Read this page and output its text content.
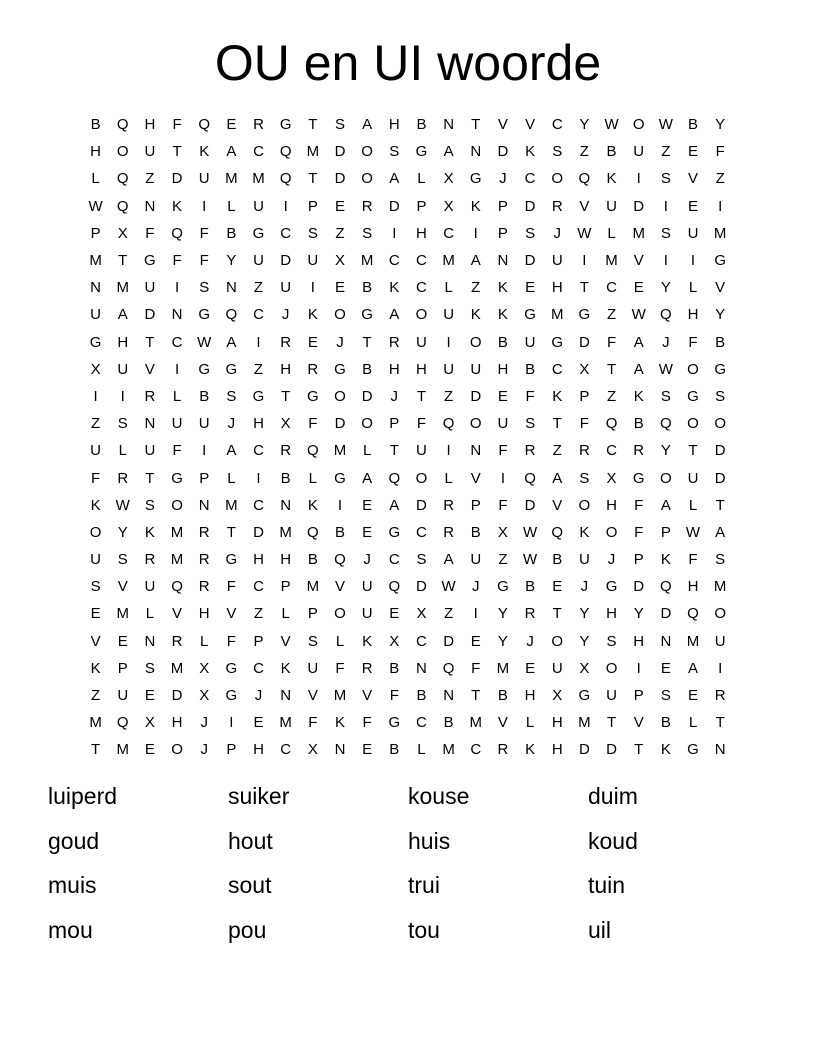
OU en UI woorde
B	Q	H	F	Q	E	R	G	T	S	A	H	B	N	T	V	V	C	Y	W O W	B	Y
H	O	U	T	K	A	C	Q	M	D	O	S	G	A	N	D	K	S	Z	B	U	Z	E	F
L	Q	Z	D	U	M M	Q	T	D	O	A	L	X	G	J	C	O	Q	K	I	S	V	Z
W Q	N	K	I	L	U	I	P	E	R	D	P	X	K	P	D	R	V	U	D	I	E	I
P	X	F	Q	F	B	G	C	S	Z	S	I	H	C	I	P	S	J	W	L	M	S	U	M
M	T	G	F	F	Y	U	D	U	X	M	C	C	M	A	N	D	U	I	M	V	I	I	G
N	M	U	I	S	N	Z	U	I	E	B	K	C	L	Z	K	E	H	T	C	E	Y	L	V
U	A	D	N	G	Q	C	J	K	O	G	A	O	U	K	K	G	M	G	Z	W Q	H	Y
G	H	T	C W	A	I	R	E	J	T	R	U	I	O	B	U	G	D	F	A	J	F	B
X	U	V	I	G	G	Z	H	R	G	B	H	H	U	U	H	B	C	X	T	A	W O	G
I	I	R	L	B	S	G	T	G	O	D	J	T	Z	D	E	F	K	P	Z	K	S	G	S
Z	S	N	U	U	J	H	X	F	D	O	P	F	Q	O	U	S	T	F	Q	B	Q	O	O
U	L	U	F	I	A	C	R	Q	M	L	T	U	I	N	F	R	Z	R	C	R	Y	T	D
F	R	T	G	P	L	I	B	L	G	A	Q	O	L	V	I	Q	A	S	X	G	O	U	D
K	W	S	O	N	M	C	N	K	I	E	A	D	R	P	F	D	V	O	H	F	A	L	T
O	Y	K	M	R	T	D	M	Q	B	E	G	C	R	B	X	W Q	K	O	F	P	W	A
U	S	R	M	R	G	H	H	B	Q	J	C	S	A	U	Z	W	B	U	J	P	K	F	S
S	V	U	Q	R	F	C	P	M	V	U	Q	D W	J	G	B	E	J	G	D	Q	H	M
E	M	L	V	H	V	Z	L	P	O	U	E	X	Z	I	Y	R	T	Y	H	Y	D	Q	O
V	E	N	R	L	F	P	V	S	L	K	X	C	D	E	Y	J	O	Y	S	H	N	M	U
K	P	S	M	X	G	C	K	U	F	R	B	N	Q	F	M	E	U	X	O	I	E	A	I
Z	U	E	D	X	G	J	N	V	M	V	F	B	N	T	B	H	X	G	U	P	S	E	R
M	Q	X	H	J	I	E	M	F	K	F	G	C	B	M	V	L	H	M	T	V	B	L	T
T	M	E	O	J	P	H	C	X	N	E	B	L	M	C	R	K	H	D	D	T	K	G	N
luiperd	suiker	kouse	duim
goud	hout	huis	koud
muis	sout	trui	tuin
mou	pou	tou	uil
